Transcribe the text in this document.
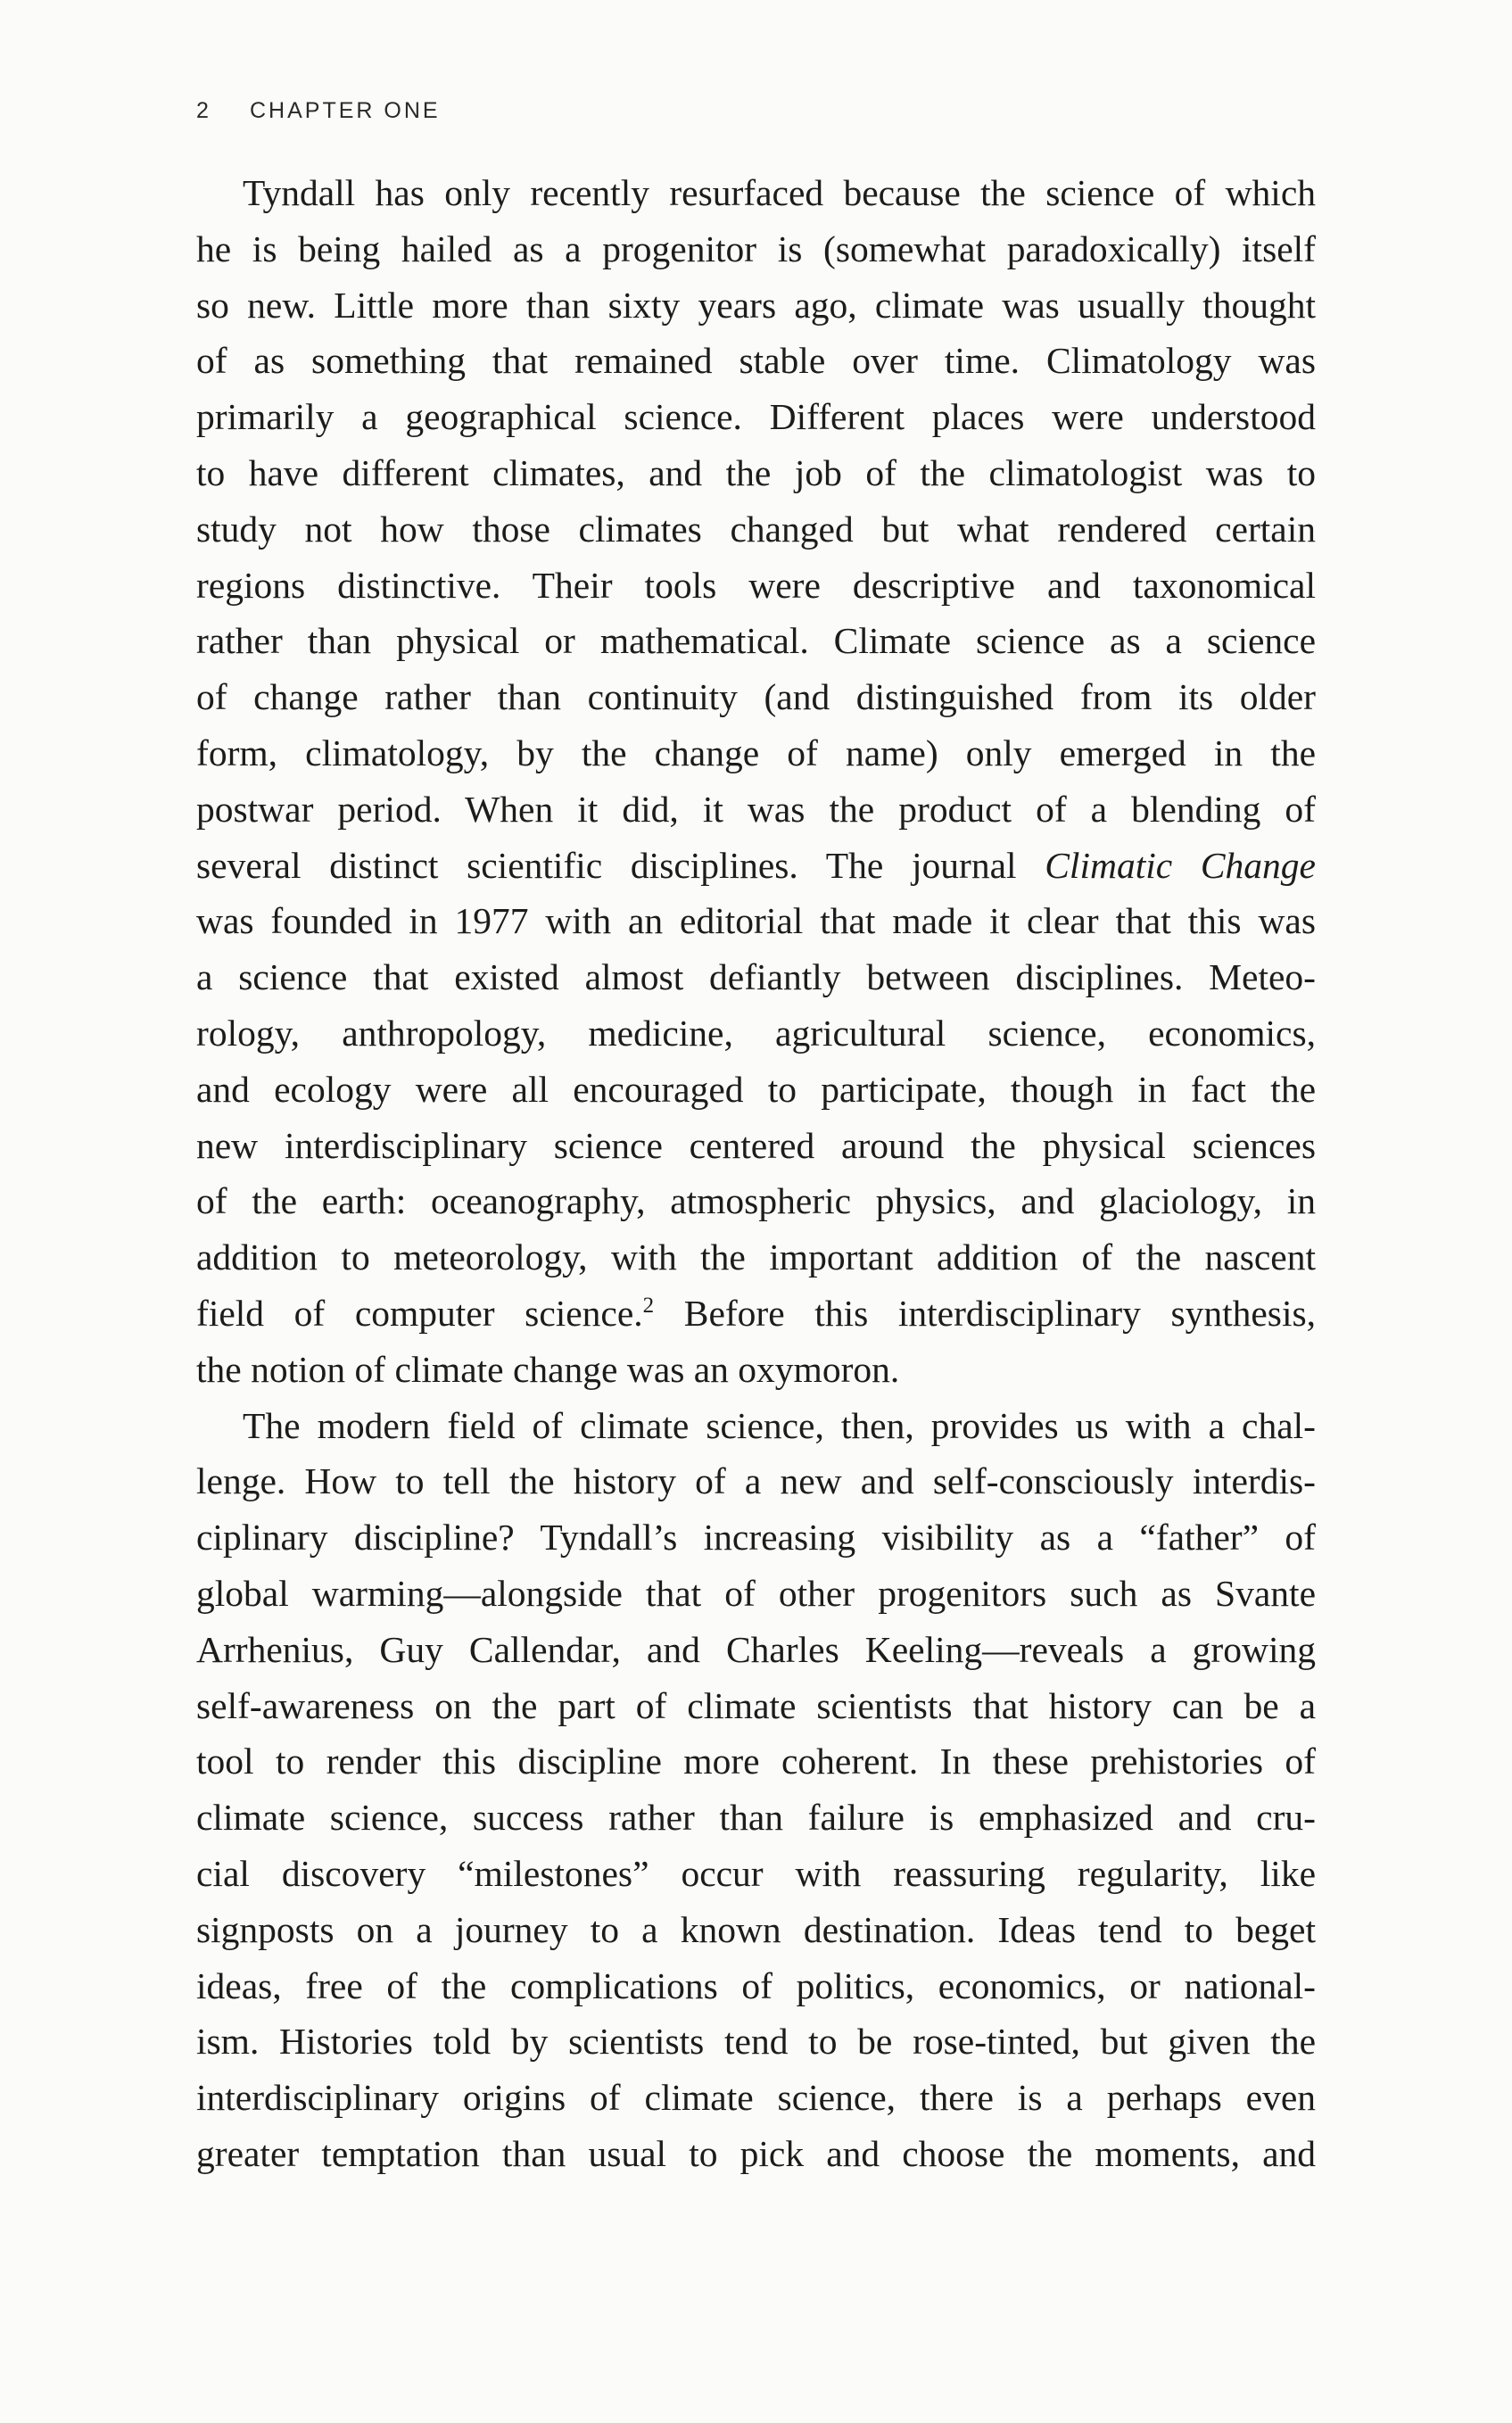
2 CHAPTER ONE
Tyndall has only recently resurfaced because the science of which
he is being hailed as a progenitor is (somewhat paradoxically) itself
so new. Little more than sixty years ago, climate was usually thought
of as something that remained stable over time. Climatology was
primarily a geographical science. Different places were understood
to have different climates, and the job of the climatologist was to
study not how those climates changed but what rendered certain
regions distinctive. Their tools were descriptive and taxonomical
rather than physical or mathematical. Climate science as a science
of change rather than continuity (and distinguished from its older
form, climatology, by the change of name) only emerged in the
postwar period. When it did, it was the product of a blending of
several distinct scientific disciplines. The journal Climatic Change
was founded in 1977 with an editorial that made it clear that this was
a science that existed almost defiantly between disciplines. Meteo-
rology, anthropology, medicine, agricultural science, economics,
and ecology were all encouraged to participate, though in fact the
new interdisciplinary science centered around the physical sciences
of the earth: oceanography, atmospheric physics, and glaciology, in
addition to meteorology, with the important addition of the nascent
field of computer science.$^2$ Before this interdisciplinary synthesis,
the notion of climate change was an oxymoron.
The modern field of climate science, then, provides us with a chal-
lenge. How to tell the history of a new and self-consciously interdis-
ciplinary discipline? Tyndall’s increasing visibility as a “father” of
global warming—alongside that of other progenitors such as Svante
Arrhenius, Guy Callendar, and Charles Keeling—reveals a growing
self-awareness on the part of climate scientists that history can be a
tool to render this discipline more coherent. In these prehistories of
climate science, success rather than failure is emphasized and cru-
cial discovery “milestones” occur with reassuring regularity, like
signposts on a journey to a known destination. Ideas tend to beget
ideas, free of the complications of politics, economics, or national-
ism. Histories told by scientists tend to be rose-tinted, but given the
interdisciplinary origins of climate science, there is a perhaps even
greater temptation than usual to pick and choose the moments, and
